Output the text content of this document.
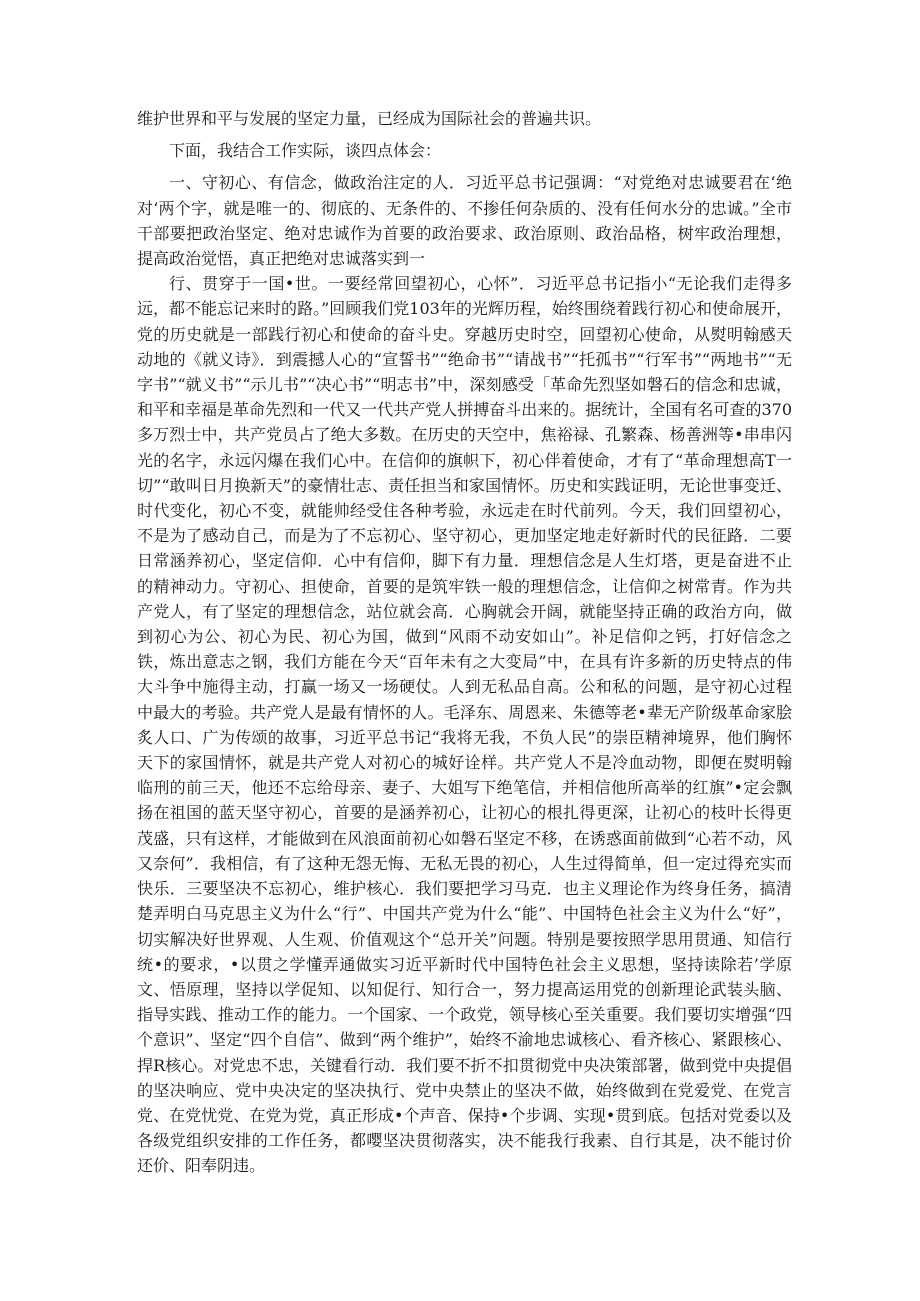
维护世界和平与发展的坚定力量，已经成为国际社会的普遍共识。

下面，我结合工作实际，谈四点体会：

一、守初心、有信念，做政治注定的人．习近平总书记强调：“对党绝对忠诚要君在‘绝对‘两个字，就是唯一的、彻底的、无条件的、不掺任何杂质的、没有任何水分的忠诚。”全市干部要把政治坚定、绝对忠诚作为首要的政治要求、政治原则、政治品格，树牢政治理想，提高政治觉悟，真正把绝对忠诚落实到一

行、贯穿于一国•世。一要经常回望初心，心怀”．习近平总书记指小“无论我们走得多远，都不能忘记来时的路。”回顾我们党103年的光辉历程，始终围绕着践行初心和使命展开，党的历史就是一部践行初心和使命的奋斗史。穿越历史时空，回望初心使命，从熨明翰感天动地的《就义诗》．到震撼人心的“宣誓书”“绝命书”“请战书”“托孤书”“行军书”“两地书”“无字书”“就义书”“示儿书”“决心书”“明志书”中，深刻感受「革命先烈坚如磐石的信念和忠诚，和平和幸福是革命先烈和一代又一代共产党人拼搏奋斗出来的。据统计，全国有名可查的370多万烈士中，共产党员占了绝大多数。在历史的天空中，焦裕禄、孔繁森、杨善洲等•串串闪光的名字，永远闪爆在我们心中。在信仰的旗帜下，初心伴着使命，才有了“革命理想高T一切”“敢叫日月换新天”的豪情壮志、责任担当和家国情怀。历史和实践证明，无论世事变迁、时代变化，初心不变，就能帅经受住各种考验，永远走在时代前列。今天，我们回望初心，不是为了感动自己，而是为了不忘初心、坚守初心，更加坚定地走好新时代的民征路．二要日常涵养初心，坚定信仰．心中有信仰，脚下有力量．理想信念是人生灯塔，更是奋进不止的精神动力。守初心、担使命，首要的是筑牢铁一般的理想信念，让信仰之树常青。作为共产党人，有了坚定的理想信念，站位就会高．心胸就会开阔，就能坚持正确的政治方向，做到初心为公、初心为民、初心为国，做到“风雨不动安如山”。补足信仰之钙，打好信念之铁，炼出意志之钢，我们方能在今天“百年未有之大变局”中，在具有许多新的历史特点的伟大斗争中施得主动，打赢一场又一场硬仗。人到无私品自高。公和私的问题，是守初心过程中最大的考验。共产党人是最有情怀的人。毛泽东、周恩来、朱德等老•辈无产阶级革命家脍炙人口、广为传颂的故事，习近平总书记“我将无我，不负人民”的崇臣精神境界，他们胸怀天下的家国情怀，就是共产党人对初心的城好诠样。共产党人不是冷血动物，即便在熨明翰临刑的前三天，他还不忘给母亲、妻子、大姐写下绝笔信，并相信他所高举的红旗”•定会飘扬在祖国的蓝天坚守初心，首要的是涵养初心，让初心的根扎得更深，让初心的枝叶长得更茂盛，只有这样，才能做到在风浪面前初心如磐石坚定不移，在诱惑面前做到“心若不动，风又奈何”．我相信，有了这种无怨无悔、无私无畏的初心，人生过得简单，但一定过得充实而快乐．三要坚决不忘初心，维护核心．我们要把学习马克．也主义理论作为终身任务，搞清楚弄明白马克思主义为什么“行”、中国共产党为什么“能”、中国特色社会主义为什么“好”，切实解决好世界观、人生观、价值观这个“总开关”问题。特别是要按照学思用贯通、知信行统•的要求，•以贯之学懂弄通做实习近平新时代中国特色社会主义思想，坚持读除若’学原文、悟原理，坚持以学促知、以知促行、知行合一，努力提高运用党的创新理论武装头脑、指导实践、推动工作的能力。一个国家、一个政党，领导核心至关重要。我们要切实增强“四个意识”、坚定“四个自信”、做到“两个维护”，始终不渝地忠诚核心、看齐核心、紧跟核心、捍R核心。对党忠不忠，关键看行动．我们要不折不扣贯彻党中央决策部署，做到党中央提倡的坚决响应、党中央决定的坚决执行、党中央禁止的坚决不做，始终做到在党爱党、在党言党、在党忧党、在党为党，真正形成•个声音、保持•个步调、实现•贯到底。包括对党委以及各级党组织安排的工作任务，都嘤坚决贯彻落实，决不能我行我素、自行其是，决不能讨价还价、阳奉阴违。
